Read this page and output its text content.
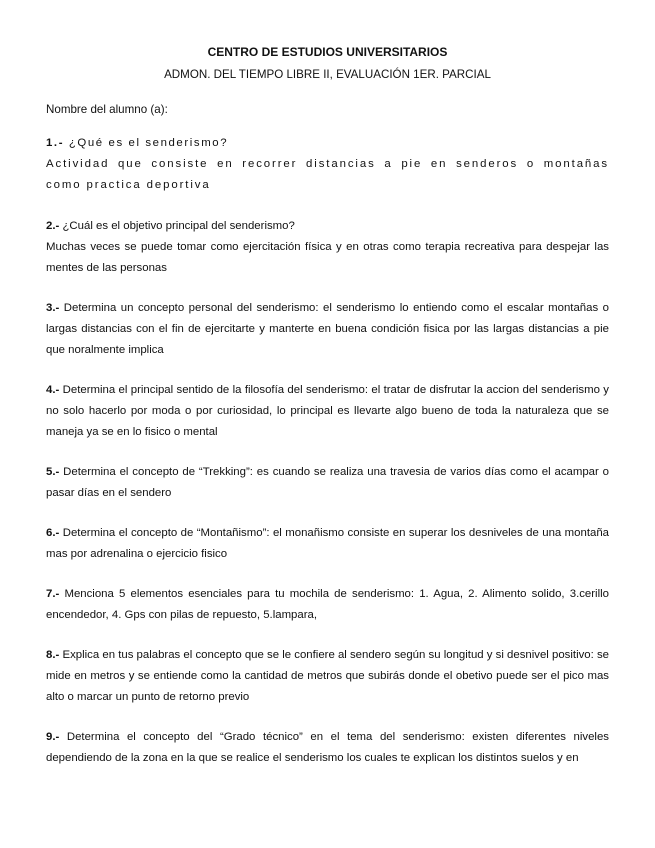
CENTRO DE ESTUDIOS UNIVERSITARIOS

ADMON. DEL TIEMPO LIBRE II, EVALUACIÓN 1ER. PARCIAL

Nombre del alumno (a):

1.- ¿Qué es el senderismo?
Actividad que consiste en recorrer distancias a pie en senderos o montañas como practica deportiva

2.- ¿Cuál es el objetivo principal del senderismo?
Muchas veces se puede tomar como ejercitación física y en otras como terapia recreativa para despejar las mentes de las personas

3.- Determina un concepto personal del senderismo: el senderismo lo entiendo como el escalar montañas o largas distancias con el fin de ejercitarte y manterte en buena condición fisica por las largas distancias a pie que noralmente implica

4.- Determina el principal sentido de la filosofía del senderismo: el tratar de disfrutar la accion del senderismo y no solo hacerlo por moda o por curiosidad, lo principal es llevarte algo bueno de toda la naturaleza que se maneja ya se en lo fisico o mental

5.- Determina el concepto de “Trekking”: es cuando se realiza una travesia de varios días como el acampar o pasar días en el sendero

6.- Determina el concepto de “Montañismo”: el monañismo consiste en superar los desniveles de una montaña mas por adrenalina o ejercicio fisico

7.- Menciona 5 elementos esenciales para tu mochila de senderismo: 1. Agua, 2. Alimento solido, 3.cerillo encendedor, 4. Gps con pilas de repuesto, 5.lampara,

8.- Explica en tus palabras el concepto que se le confiere al sendero según su longitud y si desnivel positivo: se mide en metros y se entiende como la cantidad de metros que subirás donde el obetivo puede ser el pico mas alto o marcar un punto de retorno previo

9.- Determina el concepto del “Grado técnico” en el tema del senderismo: existen diferentes niveles dependiendo de la zona en la que se realice el senderismo los cuales te explican los distintos suelos y en
